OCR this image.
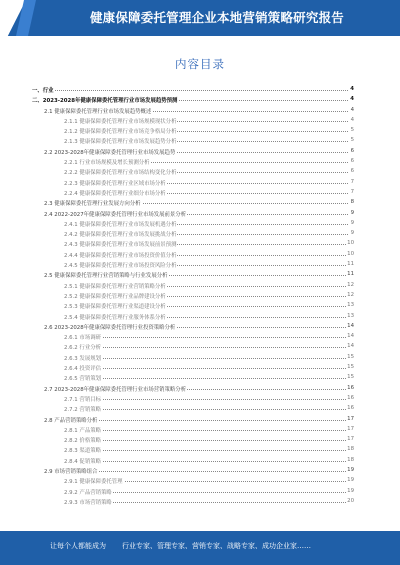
健康保障委托管理企业本地营销策略研究报告
内容目录
一、行业	4
二、2023-2028年健康保障委托管理行业市场发展趋势预测	4
2.1 健康保障委托管理行业市场发展趋势概述	4
2.1.1 健康保障委托管理行业市场规模现状分析	4
2.1.2 健康保障委托管理行业市场竞争格局分析	5
2.1.3 健康保障委托管理行业市场发展趋势分析	5
2.2 2023-2028年健康保障委托管理行业市场发展趋势	6
2.2.1 行业市场规模及增长预测分析	6
2.2.2 健康保障委托管理行业市场结构变化分析	6
2.2.3 健康保障委托管理行业区域市场分析	7
2.2.4 健康保障委托管理行业细分市场分析	7
2.3 健康保障委托管理行业发展方向分析	8
2.4 2022-2027年健康保障委托管理行业市场发展前景分析	9
2.4.1 健康保障委托管理行业市场发展机遇分析	9
2.4.2 健康保障委托管理行业市场发展挑战分析	9
2.4.3 健康保障委托管理行业市场发展前景预测	10
2.4.4 健康保障委托管理行业市场投资价值分析	10
2.4.5 健康保障委托管理行业市场投资风险分析	11
2.5 健康保障委托管理行业营销策略与行业发展分析	11
2.5.1 健康保障委托管理行业营销策略分析	12
2.5.2 健康保障委托管理行业品牌建设分析	12
2.5.3 健康保障委托管理行业渠道建设分析	13
2.5.4 健康保障委托管理行业服务体系分析	13
2.6 2023-2028年健康保障委托管理行业投资策略分析	14
2.6.1 市场调研	14
2.6.2 行业分析	14
2.6.3 发展规划	15
2.6.4 投资评估	15
2.6.5 营销策划	15
2.7 2023-2028年健康保障委托管理行业市场营销策略分析	16
2.7.1 营销目标	16
2.7.2 营销策略	16
2.8 产品营销策略分析	17
2.8.1 产品策略	17
2.8.2 价格策略	17
2.8.3 渠道策略	18
2.8.4 促销策略	18
2.9 市场营销策略组合	19
2.9.1 健康保障委托管理	19
2.9.2 产品营销策略	19
2.9.3 市场营销策略	20
让每个人都能成为 行业专家、管理专家、营销专家、战略专家、成功企业家……
